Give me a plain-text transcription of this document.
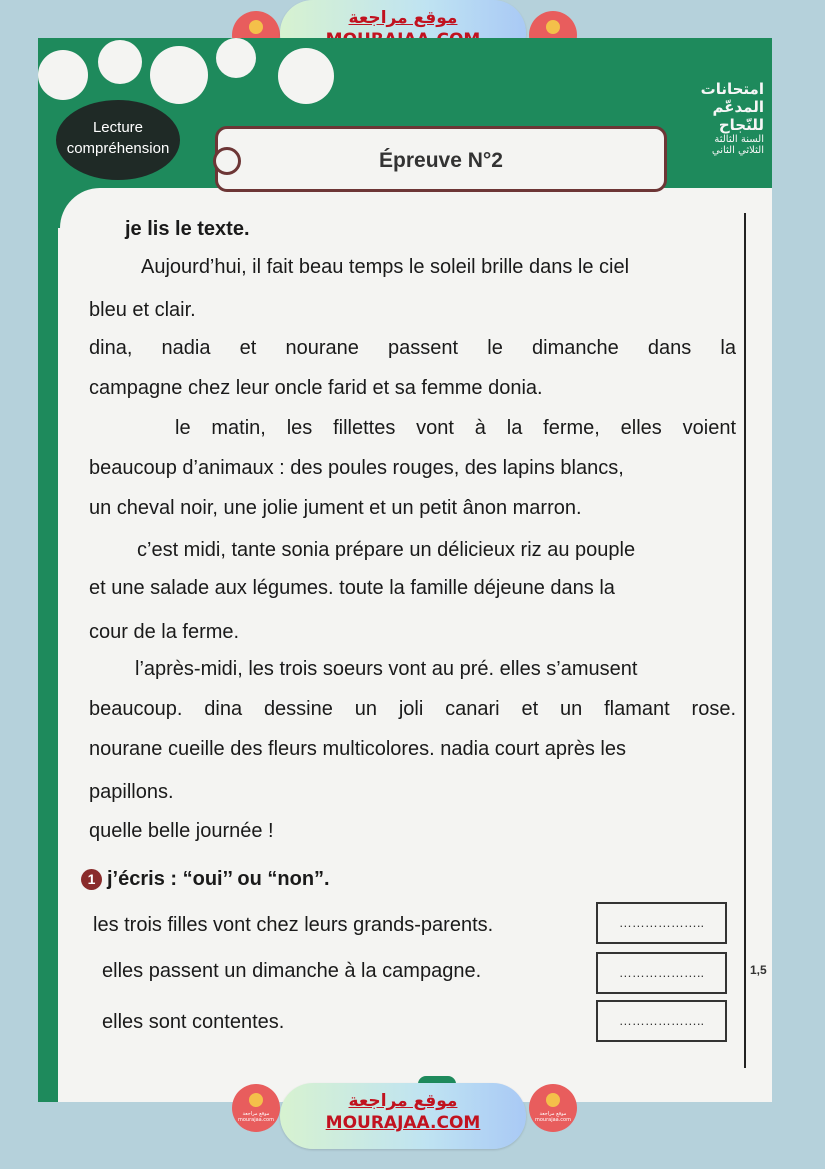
موقع مراجعة
Lecture
compréhension
امتحانات
المدعّم للنّجاح
السنة الثالثة
الثلاثي الثاني
Épreuve N°2
je lis le texte.
Aujourd’hui, il fait beau temps le soleil brille dans le ciel
bleu et clair.
dina, nadia et nourane passent le dimanche dans la
campagne chez leur oncle farid et sa femme donia.
le matin, les fillettes vont à la ferme, elles voient
beaucoup d’animaux : des poules rouges, des lapins blancs,
un cheval noir, une jolie jument et un petit ânon marron.
c’est midi, tante sonia prépare un délicieux riz au pouple
et une salade aux légumes. toute la famille déjeune dans la
cour de la ferme.
l’après-midi, les trois soeurs vont au pré. elles s’amusent
beaucoup. dina dessine un joli canari et un flamant rose.
nourane cueille des fleurs multicolores. nadia court après les
papillons.
quelle belle journée !
1 j’écris : “oui’’ ou “non”.
les trois filles vont chez leurs grands-parents.	………………..
elles passent un dimanche à la campagne.	………………..
elles sont contentes.	………………..
1,5
موقع مراجعة mourajaa.com
موقع مراجعة
MOURAJAA.COM	موقع مراجعة mourajaa.com
